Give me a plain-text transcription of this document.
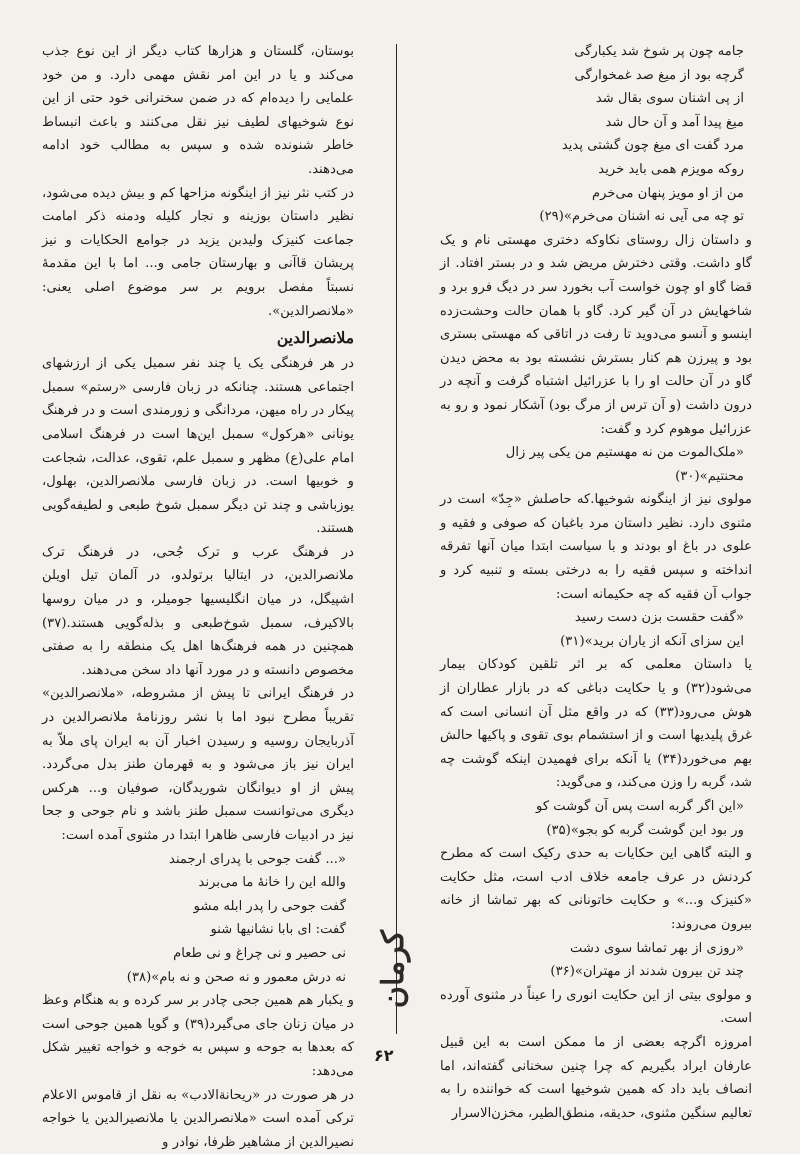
جامه چون پر شوخ شد یکبارگی

گرچه بود از میغ صد غمخوارگی

از پی اشنان سوی بقال شد

میغ پیدا آمد و آن حال شد

مرد گفت ای میغ چون گشتی پدید

روکه مویزم همی باید خرید

من از او مویز پنهان می‌خرم

تو چه می آیی نه اشنان می‌خرم»(۲۹)

و داستان زال روستای نکاوکه دختری مهستی نام و یک گاو داشت. وقتی دخترش مریض شد و در بستر افتاد. از قضا گاو او چون خواست آب بخورد سر در دیگ فرو برد و شاخهایش در آن گیر کرد. گاو با همان حالت وحشت‌زده اینسو و آنسو می‌دوید تا رفت در اتاقی که مهستی بستری بود و پیرزن هم کنار بسترش نشسته بود به محض دیدن گاو در آن حالت او را با عزرائیل اشتباه گرفت و آنچه در درون داشت (و آن ترس از مرگ بود) آشکار نمود و رو به عزرائیل موهوم کرد و گفت:

«ملک‌الموت من نه مهستیم من یکی پیر زال محنتیم»(۳۰)

مولوی نیز از اینگونه شوخیها.که حاصلش «جِدّ» است در مثنوی دارد. نظیر داستان مرد باغبان که صوفی و فقیه و علوی در باغ او بودند و با سیاست ابتدا میان آنها تفرقه انداخته و سپس فقیه را به درختی بسته و تنبیه کرد و جواب آن فقیه که چه حکیمانه است:

«گفت حقست بزن دست رسید

این سزای آنکه از یاران برید»(۳۱)

یا داستان معلمی که بر اثر تلقین کودکان بیمار می‌شود(۳۲) و یا حکایت دباغی که در بازار عطاران از هوش می‌رود(۳۳) که در واقع مثل آن انسانی است که غرق پلیدیها است و از استشمام بوی تقوی و پاکیها حالش بهم می‌خورد(۳۴) یا آنکه برای فهمیدن اینکه گوشت چه شد، گربه را وزن می‌کند، و می‌گوید:

«این اگر گربه است پس آن گوشت کو

ور بود این گوشت گربه کو بجو»(۳۵)

و البته گاهی این حکایات به حدی رکیک است که مطرح کردنش در عرف جامعه خلاف ادب است، مثل حکایت «کنیزک و...» و حکایت خاتونانی که بهر تماشا از خانه بیرون می‌روند:

«روزی از بهر تماشا سوی دشت

چند تن بیرون شدند از مهتران»(۳۶)

و مولوی بیتی از این حکایت انوری را عیناً در مثنوی آورده است.

امروزه اگرچه بعضی از ما ممکن است به این قبیل عارفان ایراد بگیریم که چرا چنین سخنانی گفته‌اند، اما انصاف باید داد که همین شوخیها است که خواننده را به تعالیم سنگین مثنوی، حدیقه، منطق‌الطیر، مخزن‌الاسرار

بوستان، گلستان و هزارها کتاب دیگر از این نوع جذب می‌کند و یا در این امر نقش مهمی دارد. و من خود علمایی را دیده‌ام که در ضمن سخنرانی خود حتی از این نوع شوخیهای لطیف نیز نقل می‌کنند و باعث انبساط خاطر شنونده شده و سپس به مطالب خود ادامه می‌دهند.

در کتب نثر نیز از اینگونه مزاحها کم و بیش دیده می‌شود، نظیر داستان بوزینه و نجار کلیله ودمنه ذکر امامت جماعت کنیزک ولیدبن یزید در جوامع الحکایات و نیز پریشان قاآنی و بهارستان جامی و... اما با این مقدمهٔ نسبتاً مفصل برویم بر سر موضوع اصلی یعنی: «ملانصرالدین».

ملانصرالدین

در هر فرهنگی یک یا چند نفر سمبل یکی از ارزشهای اجتماعی هستند. چنانکه در زبان فارسی «رستم» سمبل پیکار در راه میهن، مردانگی و زورمندی است و در فرهنگ یونانی «هرکول» سمبل این‌ها است در فرهنگ اسلامی امام علی(ع) مظهر و سمبل علم، تقوی، عدالت، شجاعت و خوبیها است. در زبان فارسی ملانصرالدین، بهلول، یوزباشی و چند تن دیگر سمبل شوخ طبعی و لطیفه‌گویی هستند.

در فرهنگ عرب و ترک جُحی، در فرهنگ ترک ملانصرالدین، در ایتالیا برتولدو، در آلمان تیل اویلن اشپیگل، در میان انگلیسیها جومیلر، و در میان روسها بالاکیرف، سمبل شوخ‌طبعی و بذله‌گویی هستند.(۳۷) همچنین در همه فرهنگ‌ها اهل یک منطقه را به صفتی مخصوص دانسته و در مورد آنها داد سخن می‌دهند.

در فرهنگ ایرانی تا پیش از مشروطه، «ملانصرالدین» تقریباً مطرح نبود اما با نشر روزنامهٔ ملانصرالدین در آذربایجان روسیه و رسیدن اخبار آن به ایران پای ملاّ به ایران نیز باز می‌شود و به قهرمان طنز بدل می‌گردد. پیش از او دیوانگان شوریدگان، صوفیان و... هرکس دیگری می‌توانست سمبل طنز باشد و نام جوحی و جحا نیز در ادبیات فارسی ظاهرا ابتدا در مثنوی آمده است:

«... گفت جوحی با پدرای ارجمند

والله این را خانهٔ ما می‌برند

گفت جوحی را پدر ابله مشو

گفت: ای بابا نشانیها شنو

نی حصیر و نی چراغ و نی طعام

نه درش معمور و نه صحن و نه بام»(۳۸)

و یکبار هم همین جحی چادر بر سر کرده و به هنگام وعظ در میان زنان جای می‌گیرد(۳۹) و گویا همین جوحی است که بعدها به جوحه و سپس به خوجه و خواجه تغییر شکل می‌دهد:

در هر صورت در «ریحانةالادب» به نقل از قاموس الاعلام ترکی آمده است «ملانصرالدین یا ملانصیرالدین یا خواجه نصیرالدین از مشاهیر ظرفا، نوادر و

کرمان
۶۲
